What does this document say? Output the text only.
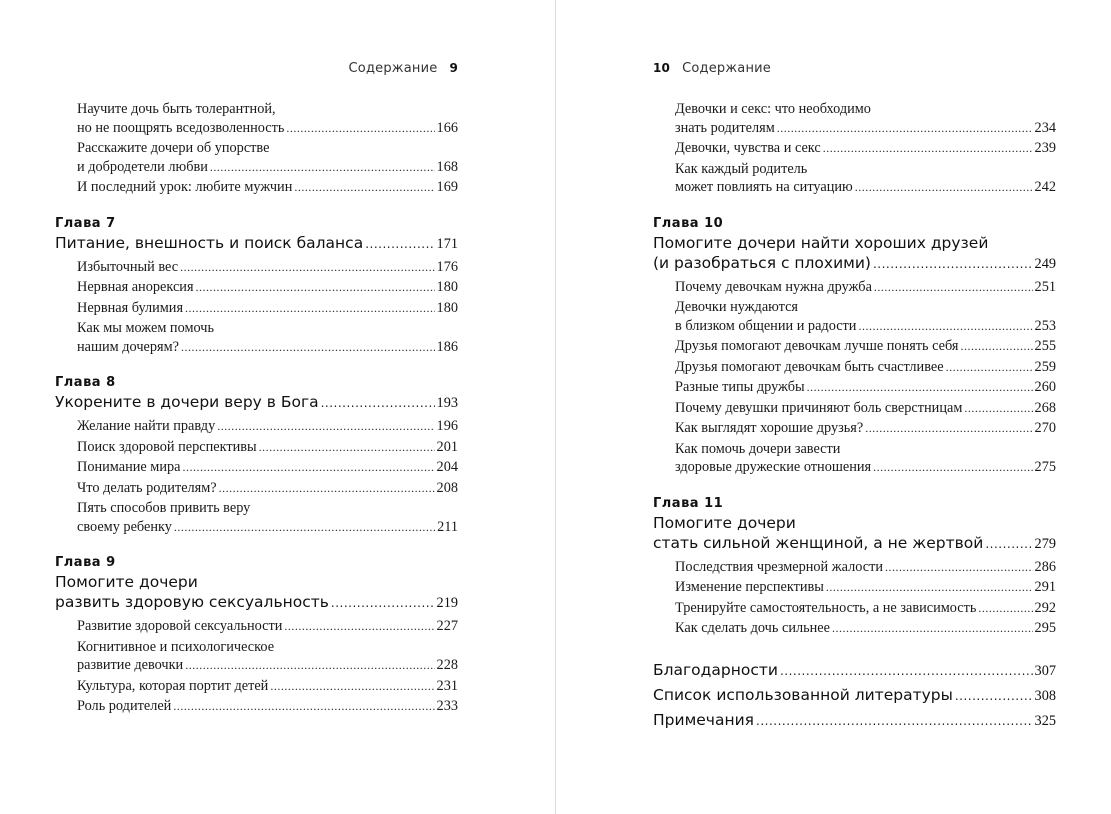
Содержание 9
Научите дочь быть толерантной,
но не поощрять вседозволенность .....	166
Расскажите дочери об упорстве
и добродетели любви .....	168
И последний урок: любите мужчин .....	169
Глава 7
Питание, внешность и поиск баланса .....	171
Избыточный вес .....	176
Нервная анорексия .....	180
Нервная булимия .....	180
Как мы можем помочь
нашим дочерям? .....	186
Глава 8
Укорените в дочери веру в Бога .....	193
Желание найти правду .....	196
Поиск здоровой перспективы .....	201
Понимание мира .....	204
Что делать родителям? .....	208
Пять способов привить веру
своему ребенку .....	211
Глава 9
Помогите дочери
развить здоровую сексуальность .....	219
Развитие здоровой сексуальности .....	227
Когнитивное и психологическое
развитие девочки .....	228
Культура, которая портит детей .....	231
Роль родителей .....	233
10 Содержание
Девочки и секс: что необходимо
знать родителям .....	234
Девочки, чувства и секс .....	239
Как каждый родитель
может повлиять на ситуацию .....	242
Глава 10
Помогите дочери найти хороших друзей
(и разобраться с плохими) .....	249
Почему девочкам нужна дружба .....	251
Девочки нуждаются
в близком общении и радости .....	253
Друзья помогают девочкам лучше понять себя .....	255
Друзья помогают девочкам быть счастливее .....	259
Разные типы дружбы .....	260
Почему девушки причиняют боль сверстницам .....	268
Как выглядят хорошие друзья? .....	270
Как помочь дочери завести
здоровые дружеские отношения .....	275
Глава 11
Помогите дочери
стать сильной женщиной, а не жертвой .....	279
Последствия чрезмерной жалости .....	286
Изменение перспективы .....	291
Тренируйте самостоятельность, а не зависимость .....	292
Как сделать дочь сильнее .....	295
Благодарности .....	307
Список использованной литературы .....	308
Примечания .....	325
